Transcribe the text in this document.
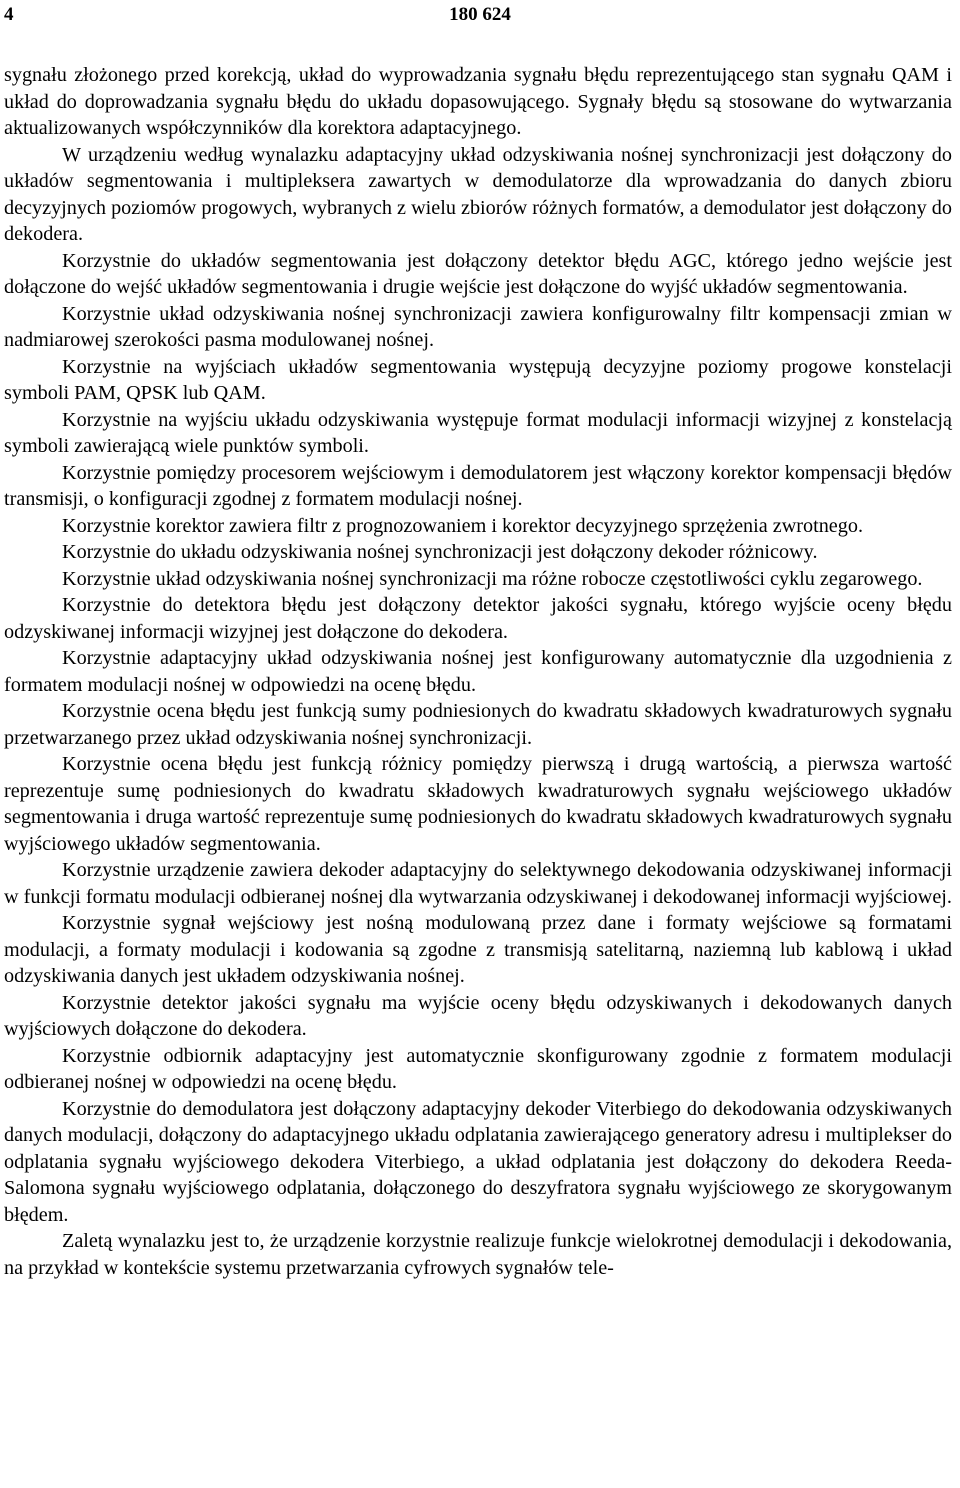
4	180 624

sygnału złożonego przed korekcją, układ do wyprowadzania sygnału błędu reprezentującego stan sygnału QAM i układ do doprowadzania sygnału błędu do układu dopasowującego. Sygnały błędu są stosowane do wytwarzania aktualizowanych współczynników dla korektora adaptacyjnego.

W urządzeniu według wynalazku adaptacyjny układ odzyskiwania nośnej synchronizacji jest dołączony do układów segmentowania i multipleksera zawartych w demodulatorze dla wprowadzania do danych zbioru decyzyjnych poziomów progowych, wybranych z wielu zbiorów różnych formatów, a demodulator jest dołączony do dekodera.

Korzystnie do układów segmentowania jest dołączony detektor błędu AGC, którego jedno wejście jest dołączone do wejść układów segmentowania i drugie wejście jest dołączone do wyjść układów segmentowania.

Korzystnie układ odzyskiwania nośnej synchronizacji zawiera konfigurowalny filtr kompensacji zmian w nadmiarowej szerokości pasma modulowanej nośnej.

Korzystnie na wyjściach układów segmentowania występują decyzyjne poziomy progowe konstelacji symboli PAM, QPSK lub QAM.

Korzystnie na wyjściu układu odzyskiwania występuje format modulacji informacji wizyjnej z konstelacją symboli zawierającą wiele punktów symboli.

Korzystnie pomiędzy procesorem wejściowym i demodulatorem jest włączony korektor kompensacji błędów transmisji, o konfiguracji zgodnej z formatem modulacji nośnej.

Korzystnie korektor zawiera filtr z prognozowaniem i korektor decyzyjnego sprzężenia zwrotnego.

Korzystnie do układu odzyskiwania nośnej synchronizacji jest dołączony dekoder różnicowy.

Korzystnie układ odzyskiwania nośnej synchronizacji ma różne robocze częstotliwości cyklu zegarowego.

Korzystnie do detektora błędu jest dołączony detektor jakości sygnału, którego wyjście oceny błędu odzyskiwanej informacji wizyjnej jest dołączone do dekodera.

Korzystnie adaptacyjny układ odzyskiwania nośnej jest konfigurowany automatycznie dla uzgodnienia z formatem modulacji nośnej w odpowiedzi na ocenę błędu.

Korzystnie ocena błędu jest funkcją sumy podniesionych do kwadratu składowych kwadraturowych sygnału przetwarzanego przez układ odzyskiwania nośnej synchronizacji.

Korzystnie ocena błędu jest funkcją różnicy pomiędzy pierwszą i drugą wartością, a pierwsza wartość reprezentuje sumę podniesionych do kwadratu składowych kwadraturowych sygnału wejściowego układów segmentowania i druga wartość reprezentuje sumę podniesionych do kwadratu składowych kwadraturowych sygnału wyjściowego układów segmentowania.

Korzystnie urządzenie zawiera dekoder adaptacyjny do selektywnego dekodowania odzyskiwanej informacji w funkcji formatu modulacji odbieranej nośnej dla wytwarzania odzyskiwanej i dekodowanej informacji wyjściowej.

Korzystnie sygnał wejściowy jest nośną modulowaną przez dane i formaty wejściowe są formatami modulacji, a formaty modulacji i kodowania są zgodne z transmisją satelitarną, naziemną lub kablową i układ odzyskiwania danych jest układem odzyskiwania nośnej.

Korzystnie detektor jakości sygnału ma wyjście oceny błędu odzyskiwanych i dekodowanych danych wyjściowych dołączone do dekodera.

Korzystnie odbiornik adaptacyjny jest automatycznie skonfigurowany zgodnie z formatem modulacji odbieranej nośnej w odpowiedzi na ocenę błędu.

Korzystnie do demodulatora jest dołączony adaptacyjny dekoder Viterbiego do dekodowania odzyskiwanych danych modulacji, dołączony do adaptacyjnego układu odplatania zawierającego generatory adresu i multiplekser do odplatania sygnału wyjściowego dekodera Viterbiego, a układ odplatania jest dołączony do dekodera Reeda-Salomona sygnału wyjściowego odplatania, dołączonego do deszyfratora sygnału wyjściowego ze skorygowanym błędem.

Zaletą wynalazku jest to, że urządzenie korzystnie realizuje funkcje wielokrotnej demodulacji i dekodowania, na przykład w kontekście systemu przetwarzania cyfrowych sygnałów tele-
